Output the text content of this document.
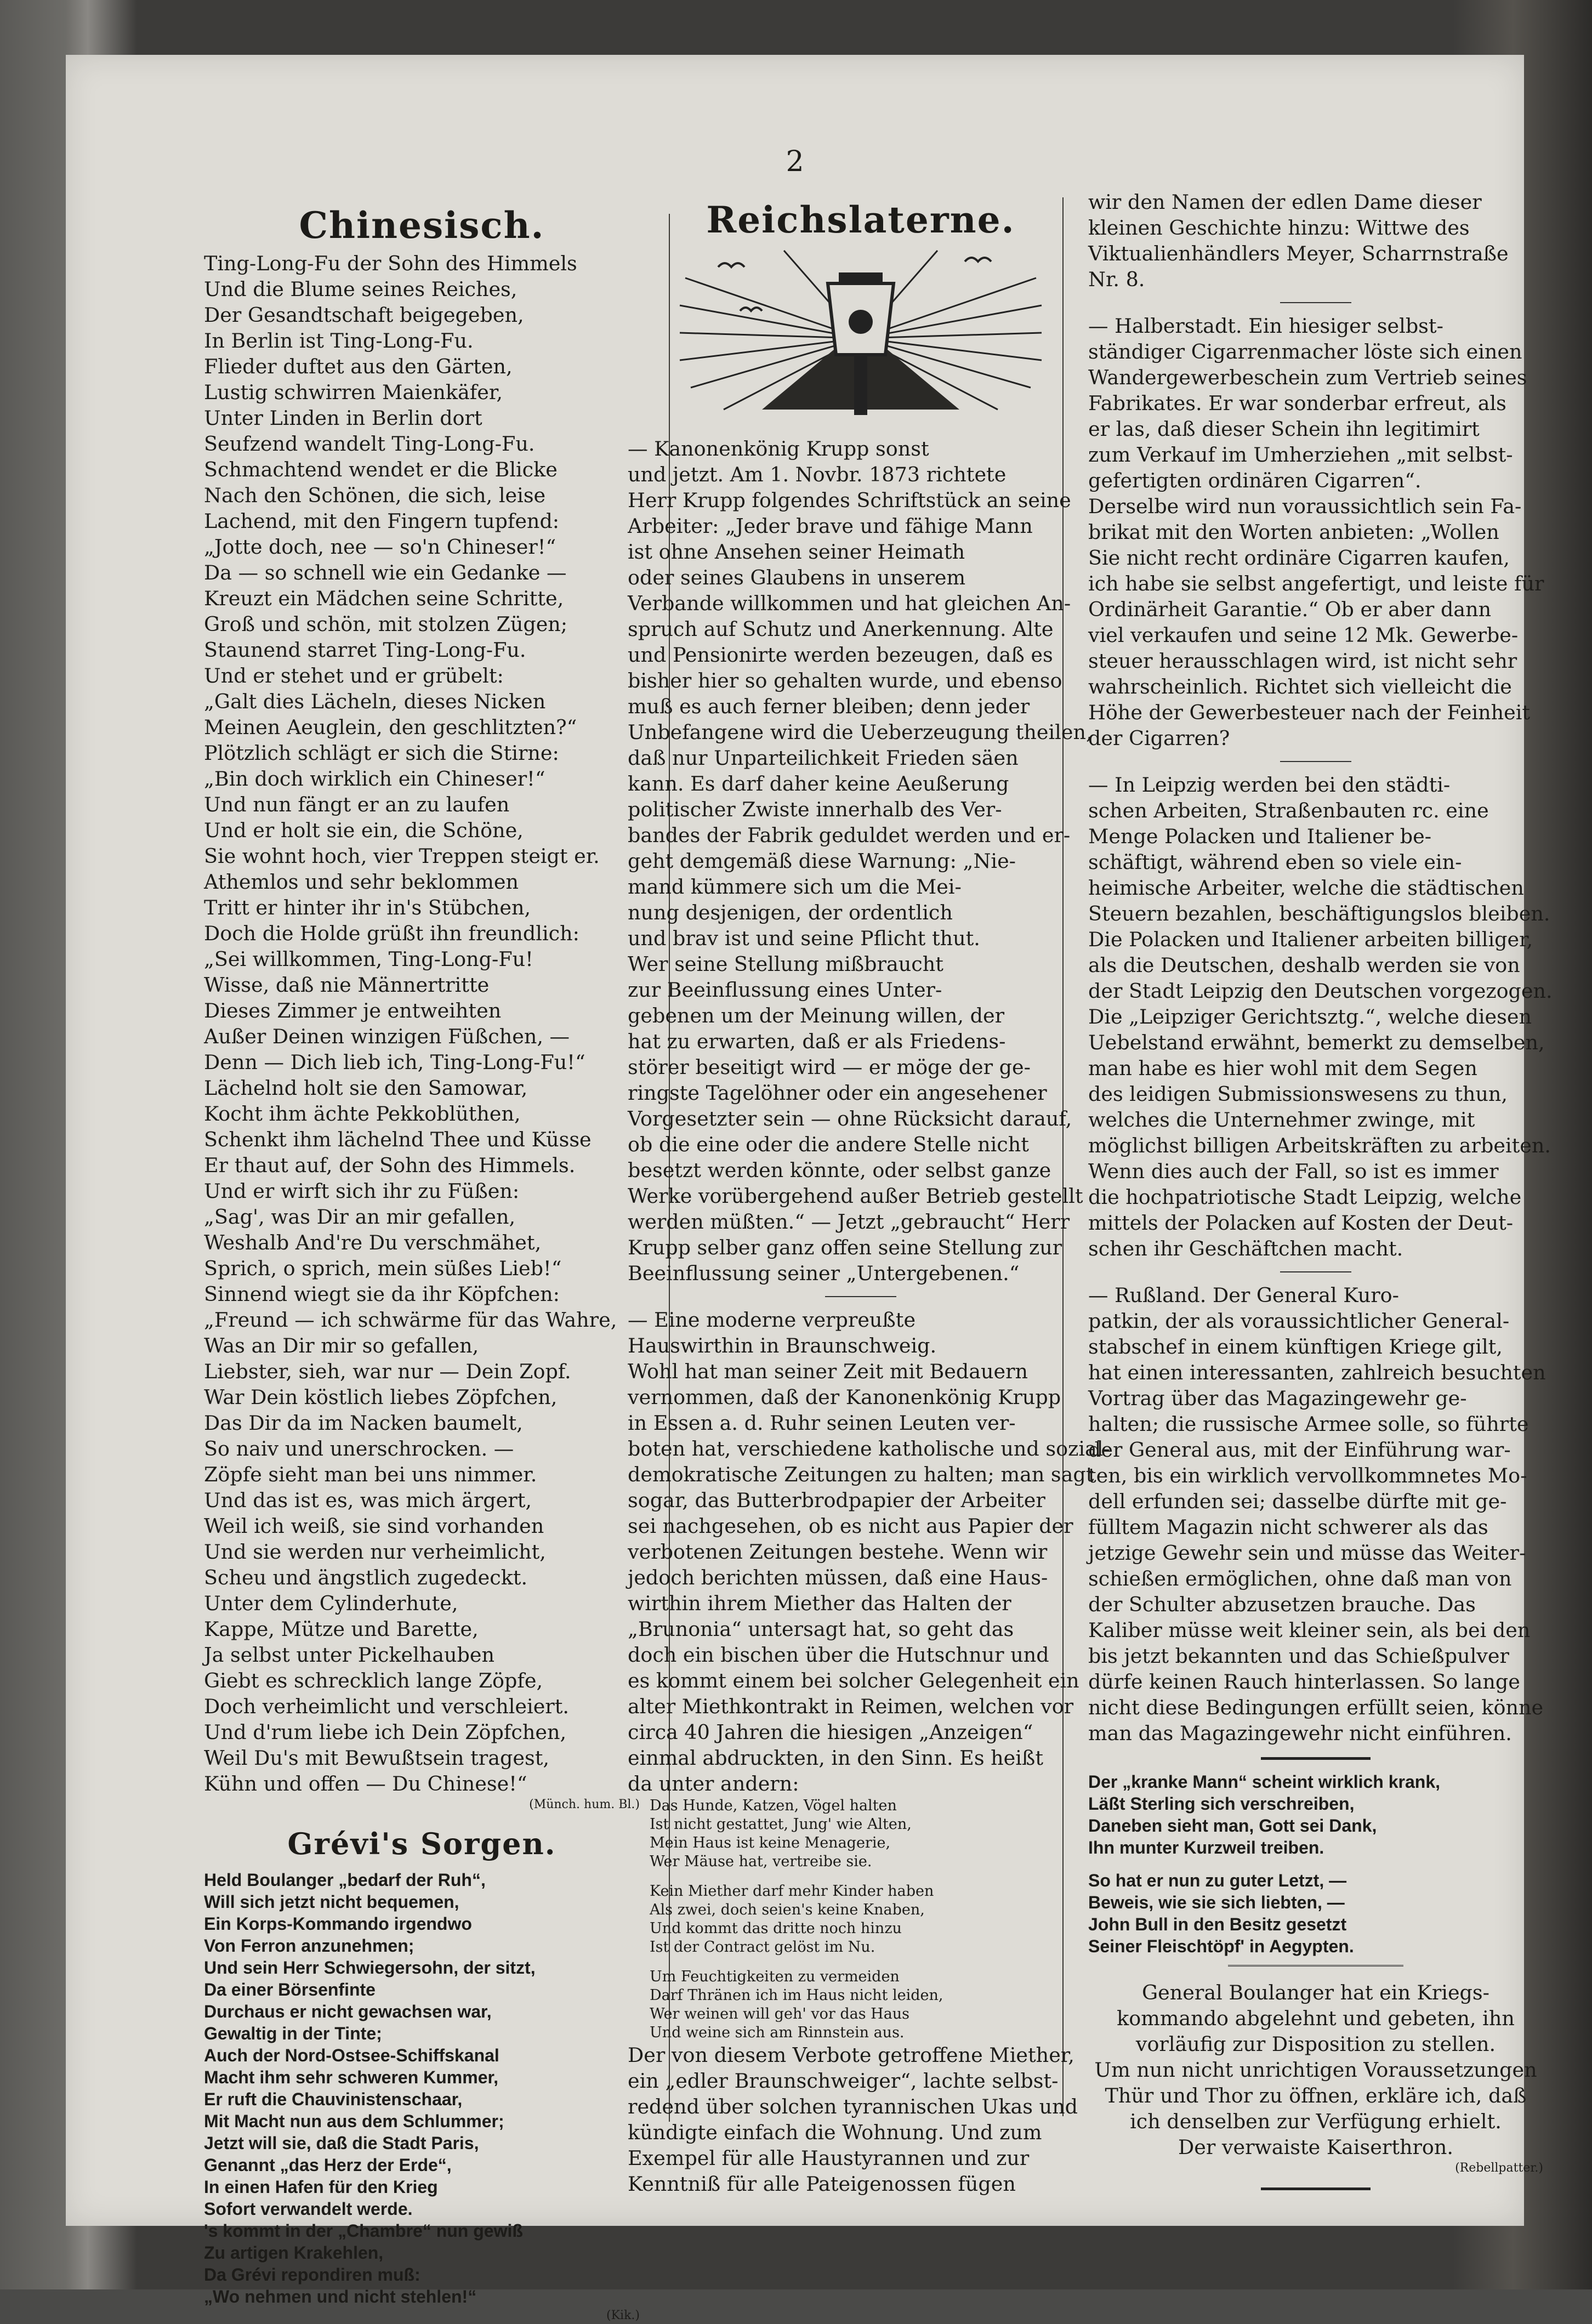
2
Chinesisch.
Ting-Long-Fu der Sohn des Himmels
Und die Blume seines Reiches,
Der Gesandtschaft beigegeben,
In Berlin ist Ting-Long-Fu.
Flieder duftet aus den Gärten,
Lustig schwirren Maienkäfer,
Unter Linden in Berlin dort
Seufzend wandelt Ting-Long-Fu.
Schmachtend wendet er die Blicke
Nach den Schönen, die sich, leise
Lachend, mit den Fingern tupfend:
„Jotte doch, nee — so'n Chineser!“
Da — so schnell wie ein Gedanke —
Kreuzt ein Mädchen seine Schritte,
Groß und schön, mit stolzen Zügen;
Staunend starret Ting-Long-Fu.
Und er stehet und er grübelt:
„Galt dies Lächeln, dieses Nicken
Meinen Aeuglein, den geschlitzten?“
Plötzlich schlägt er sich die Stirne:
„Bin doch wirklich ein Chineser!“
Und nun fängt er an zu laufen
Und er holt sie ein, die Schöne,
Sie wohnt hoch, vier Treppen steigt er.
Athemlos und sehr beklommen
Tritt er hinter ihr in's Stübchen,
Doch die Holde grüßt ihn freundlich:
„Sei willkommen, Ting-Long-Fu!
Wisse, daß nie Männertritte
Dieses Zimmer je entweihten
Außer Deinen winzigen Füßchen, —
Denn — Dich lieb ich, Ting-Long-Fu!“
Lächelnd holt sie den Samowar,
Kocht ihm ächte Pekkoblüthen,
Schenkt ihm lächelnd Thee und Küsse
Er thaut auf, der Sohn des Himmels.
Und er wirft sich ihr zu Füßen:
„Sag', was Dir an mir gefallen,
Weshalb And're Du verschmähet,
Sprich, o sprich, mein süßes Lieb!“
Sinnend wiegt sie da ihr Köpfchen:
„Freund — ich schwärme für das Wahre,
Was an Dir mir so gefallen,
Liebster, sieh, war nur — Dein Zopf.
War Dein köstlich liebes Zöpfchen,
Das Dir da im Nacken baumelt,
So naiv und unerschrocken. —
Zöpfe sieht man bei uns nimmer.
Und das ist es, was mich ärgert,
Weil ich weiß, sie sind vorhanden
Und sie werden nur verheimlicht,
Scheu und ängstlich zugedeckt.
Unter dem Cylinderhute,
Kappe, Mütze und Barette,
Ja selbst unter Pickelhauben
Giebt es schrecklich lange Zöpfe,
Doch verheimlicht und verschleiert.
Und d'rum liebe ich Dein Zöpfchen,
Weil Du's mit Bewußtsein tragest,
Kühn und offen — Du Chinese!“
(Münch. hum. Bl.)
Grévi's Sorgen.
Held Boulanger „bedarf der Ruh“,
Will sich jetzt nicht bequemen,
Ein Korps-Kommando irgendwo
Von Ferron anzunehmen;
Und sein Herr Schwiegersohn, der sitzt,
Da einer Börsenfinte
Durchaus er nicht gewachsen war,
Gewaltig in der Tinte;
Auch der Nord-Ostsee-Schiffskanal
Macht ihm sehr schweren Kummer,
Er ruft die Chauvinistenschaar,
Mit Macht nun aus dem Schlummer;
Jetzt will sie, daß die Stadt Paris,
Genannt „das Herz der Erde“,
In einen Hafen für den Krieg
Sofort verwandelt werde.
's kommt in der „Chambre“ nun gewiß
Zu artigen Krakehlen,
Da Grévi repondiren muß:
„Wo nehmen und nicht stehlen!“
(Kik.)
Reichslaterne.
— Kanonenkönig Krupp sonst
und jetzt. Am 1. Novbr. 1873 richtete
Herr Krupp folgendes Schriftstück an seine
Arbeiter: „Jeder brave und fähige Mann
ist ohne Ansehen seiner Heimath
oder seines Glaubens in unserem
Verbande willkommen und hat gleichen An-
spruch auf Schutz und Anerkennung. Alte
und Pensionirte werden bezeugen, daß es
bisher hier so gehalten wurde, und ebenso
muß es auch ferner bleiben; denn jeder
Unbefangene wird die Ueberzeugung theilen,
daß nur Unparteilichkeit Frieden säen
kann. Es darf daher keine Aeußerung
politischer Zwiste innerhalb des Ver-
bandes der Fabrik geduldet werden und er-
geht demgemäß diese Warnung: „Nie-
mand kümmere sich um die Mei-
nung desjenigen, der ordentlich
und brav ist und seine Pflicht thut.
Wer seine Stellung mißbraucht
zur Beeinflussung eines Unter-
gebenen um der Meinung willen, der
hat zu erwarten, daß er als Friedens-
störer beseitigt wird — er möge der ge-
ringste Tagelöhner oder ein angesehener
Vorgesetzter sein — ohne Rücksicht darauf,
ob die eine oder die andere Stelle nicht
besetzt werden könnte, oder selbst ganze
Werke vorübergehend außer Betrieb gestellt
werden müßten.“ — Jetzt „gebraucht“ Herr
Krupp selber ganz offen seine Stellung zur
Beeinflussung seiner „Untergebenen.“
— Eine moderne verpreußte
Hauswirthin in Braunschweig.
Wohl hat man seiner Zeit mit Bedauern
vernommen, daß der Kanonenkönig Krupp
in Essen a. d. Ruhr seinen Leuten ver-
boten hat, verschiedene katholische und sozial-
demokratische Zeitungen zu halten; man sagt
sogar, das Butterbrodpapier der Arbeiter
sei nachgesehen, ob es nicht aus Papier der
verbotenen Zeitungen bestehe. Wenn wir
jedoch berichten müssen, daß eine Haus-
wirthin ihrem Miether das Halten der
„Brunonia“ untersagt hat, so geht das
doch ein bischen über die Hutschnur und
es kommt einem bei solcher Gelegenheit ein
alter Miethkontrakt in Reimen, welchen vor
circa 40 Jahren die hiesigen „Anzeigen“
einmal abdruckten, in den Sinn. Es heißt
da unter andern:
Das Hunde, Katzen, Vögel halten
Ist nicht gestattet, Jung' wie Alten,
Mein Haus ist keine Menagerie,
Wer Mäuse hat, vertreibe sie.
Kein Miether darf mehr Kinder haben
Als zwei, doch seien's keine Knaben,
Und kommt das dritte noch hinzu
Ist der Contract gelöst im Nu.
Um Feuchtigkeiten zu vermeiden
Darf Thränen ich im Haus nicht leiden,
Wer weinen will geh' vor das Haus
Und weine sich am Rinnstein aus.
Der von diesem Verbote getroffene Miether,
ein „edler Braunschweiger“, lachte selbst-
redend über solchen tyrannischen Ukas und
kündigte einfach die Wohnung. Und zum
Exempel für alle Haustyrannen und zur
Kenntniß für alle Pateigenossen fügen
wir den Namen der edlen Dame dieser
kleinen Geschichte hinzu: Wittwe des
Viktualienhändlers Meyer, Scharrnstraße
Nr. 8.
— Halberstadt. Ein hiesiger selbst-
ständiger Cigarrenmacher löste sich einen
Wandergewerbeschein zum Vertrieb seines
Fabrikates. Er war sonderbar erfreut, als
er las, daß dieser Schein ihn legitimirt
zum Verkauf im Umherziehen „mit selbst-
gefertigten ordinären Cigarren“.
Derselbe wird nun voraussichtlich sein Fa-
brikat mit den Worten anbieten: „Wollen
Sie nicht recht ordinäre Cigarren kaufen,
ich habe sie selbst angefertigt, und leiste für
Ordinärheit Garantie.“ Ob er aber dann
viel verkaufen und seine 12 Mk. Gewerbe-
steuer herausschlagen wird, ist nicht sehr
wahrscheinlich. Richtet sich vielleicht die
Höhe der Gewerbesteuer nach der Feinheit
der Cigarren?
— In Leipzig werden bei den städti-
schen Arbeiten, Straßenbauten rc. eine
Menge Polacken und Italiener be-
schäftigt, während eben so viele ein-
heimische Arbeiter, welche die städtischen
Steuern bezahlen, beschäftigungslos bleiben.
Die Polacken und Italiener arbeiten billiger,
als die Deutschen, deshalb werden sie von
der Stadt Leipzig den Deutschen vorgezogen.
Die „Leipziger Gerichtsztg.“, welche diesen
Uebelstand erwähnt, bemerkt zu demselben,
man habe es hier wohl mit dem Segen
des leidigen Submissionswesens zu thun,
welches die Unternehmer zwinge, mit
möglichst billigen Arbeitskräften zu arbeiten.
Wenn dies auch der Fall, so ist es immer
die hochpatriotische Stadt Leipzig, welche
mittels der Polacken auf Kosten der Deut-
schen ihr Geschäftchen macht.
— Rußland. Der General Kuro-
patkin, der als voraussichtlicher General-
stabschef in einem künftigen Kriege gilt,
hat einen interessanten, zahlreich besuchten
Vortrag über das Magazingewehr ge-
halten; die russische Armee solle, so führte
der General aus, mit der Einführung war-
ten, bis ein wirklich vervollkommnetes Mo-
dell erfunden sei; dasselbe dürfte mit ge-
fülltem Magazin nicht schwerer als das
jetzige Gewehr sein und müsse das Weiter-
schießen ermöglichen, ohne daß man von
der Schulter abzusetzen brauche. Das
Kaliber müsse weit kleiner sein, als bei den
bis jetzt bekannten und das Schießpulver
dürfe keinen Rauch hinterlassen. So lange
nicht diese Bedingungen erfüllt seien, könne
man das Magazingewehr nicht einführen.
Der „kranke Mann“ scheint wirklich krank,
Läßt Sterling sich verschreiben,
Daneben sieht man, Gott sei Dank,
Ihn munter Kurzweil treiben.
So hat er nun zu guter Letzt, —
Beweis, wie sie sich liebten, —
John Bull in den Besitz gesetzt
Seiner Fleischtöpf' in Aegypten.
General Boulanger hat ein Kriegs-
kommando abgelehnt und gebeten, ihn
vorläufig zur Disposition zu stellen.
Um nun nicht unrichtigen Voraussetzungen
Thür und Thor zu öffnen, erkläre ich, daß
ich denselben zur Verfügung erhielt.
Der verwaiste Kaiserthron.
(Rebellpatter.)
